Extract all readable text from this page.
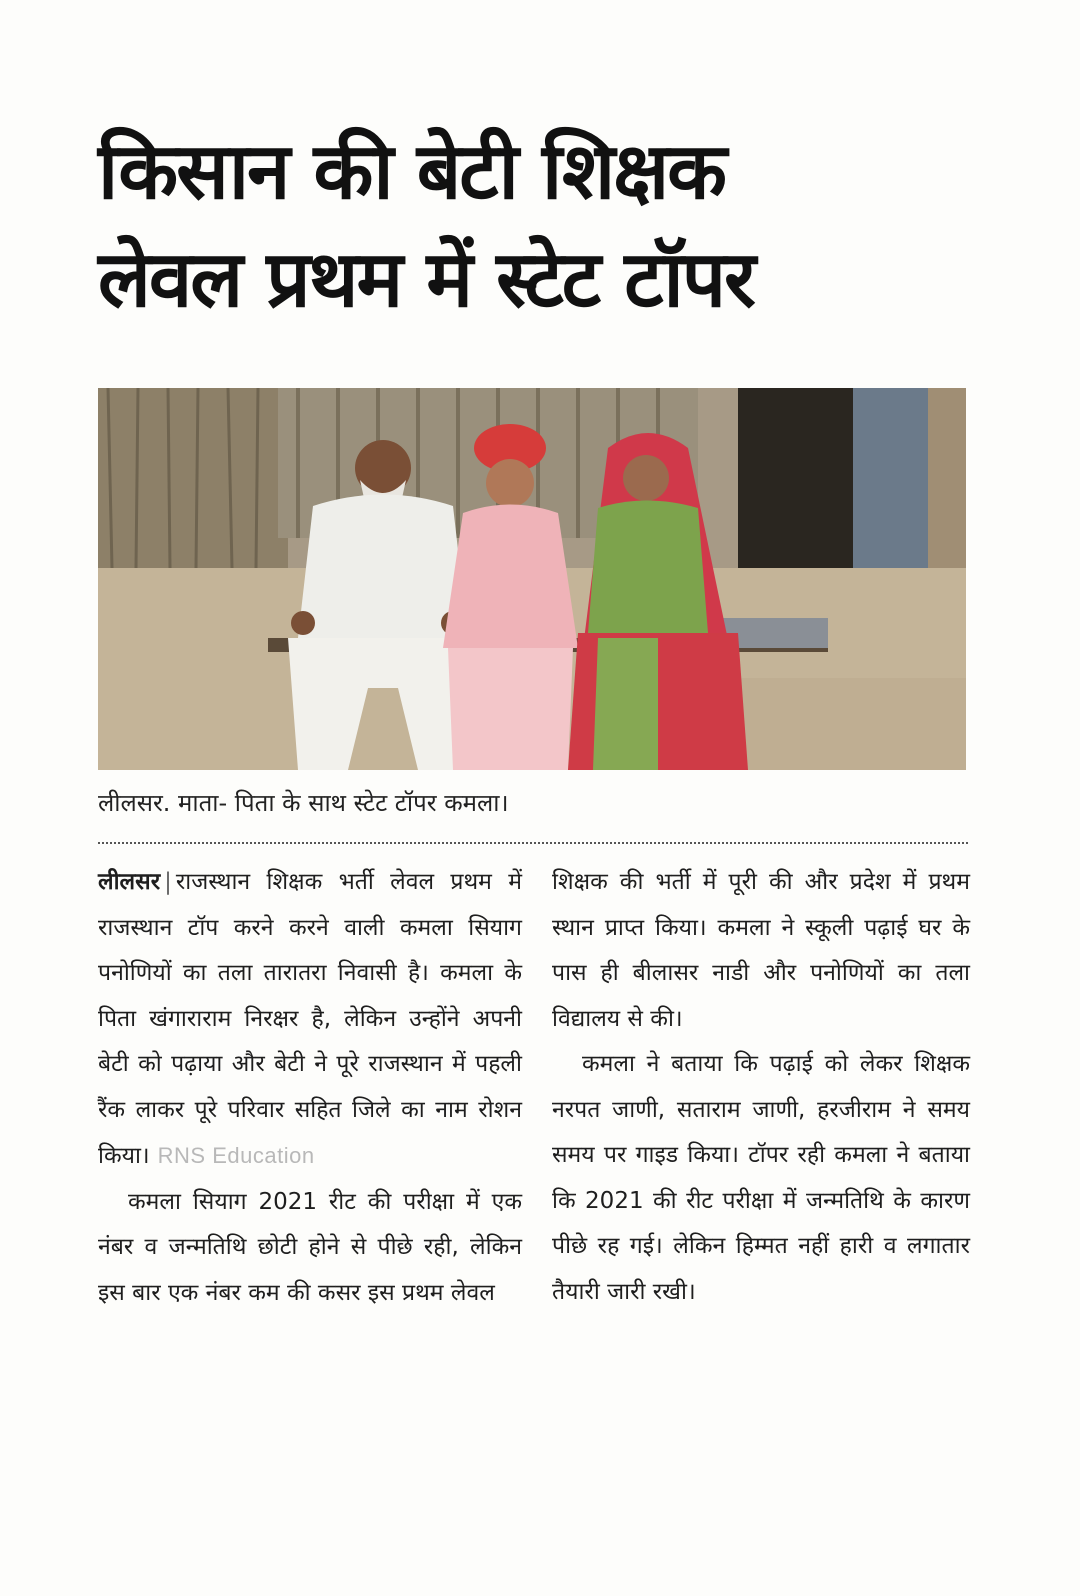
किसान की बेटी शिक्षक
लेवल प्रथम में स्टेट टॉपर
लीलसर. माता- पिता के साथ स्टेट टॉपर कमला।

लीलसर | राजस्थान शिक्षक भर्ती लेवल प्रथम में राजस्थान टॉप करने करने वाली कमला सियाग पनोणियों का तला तारातरा निवासी है। कमला के पिता खंगाराराम निरक्षर है, लेकिन उन्होंने अपनी बेटी को पढ़ाया और बेटी ने पूरे राजस्थान में पहली रैंक लाकर पूरे परिवार सहित जिले का नाम रोशन किया। RNS Education

कमला सियाग 2021 रीट की परीक्षा में एक नंबर व जन्मतिथि छोटी होने से पीछे रही, लेकिन इस बार एक नंबर कम की कसर इस प्रथम लेवल

शिक्षक की भर्ती में पूरी की और प्रदेश में प्रथम स्थान प्राप्त किया। कमला ने स्कूली पढ़ाई घर के पास ही बीलासर नाडी और पनोणियों का तला विद्यालय से की।

कमला ने बताया कि पढ़ाई को लेकर शिक्षक नरपत जाणी, सताराम जाणी, हरजीराम ने समय समय पर गाइड किया। टॉपर रही कमला ने बताया कि 2021 की रीट परीक्षा में जन्मतिथि के कारण पीछे रह गई। लेकिन हिम्मत नहीं हारी व लगातार तैयारी जारी रखी।
